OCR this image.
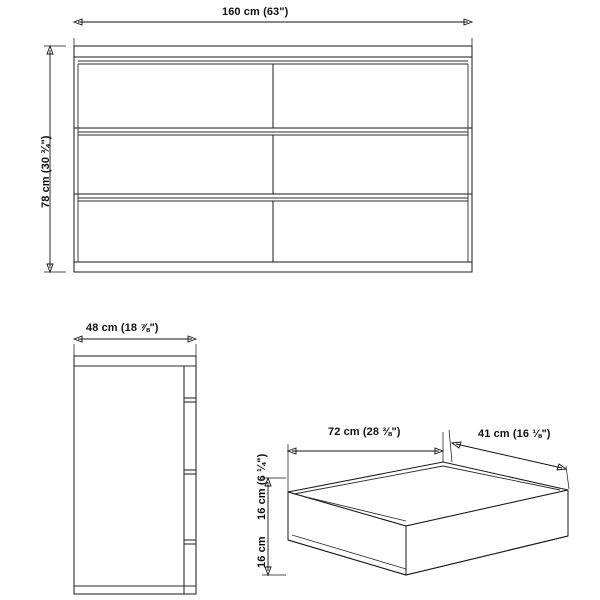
160 cm (63")
78 cm (30 ¾")
48 cm (18 ⅞")
72 cm (28 ⅜")	41 cm (16 ⅛")
16 cm (6 ¼")
16 cm
